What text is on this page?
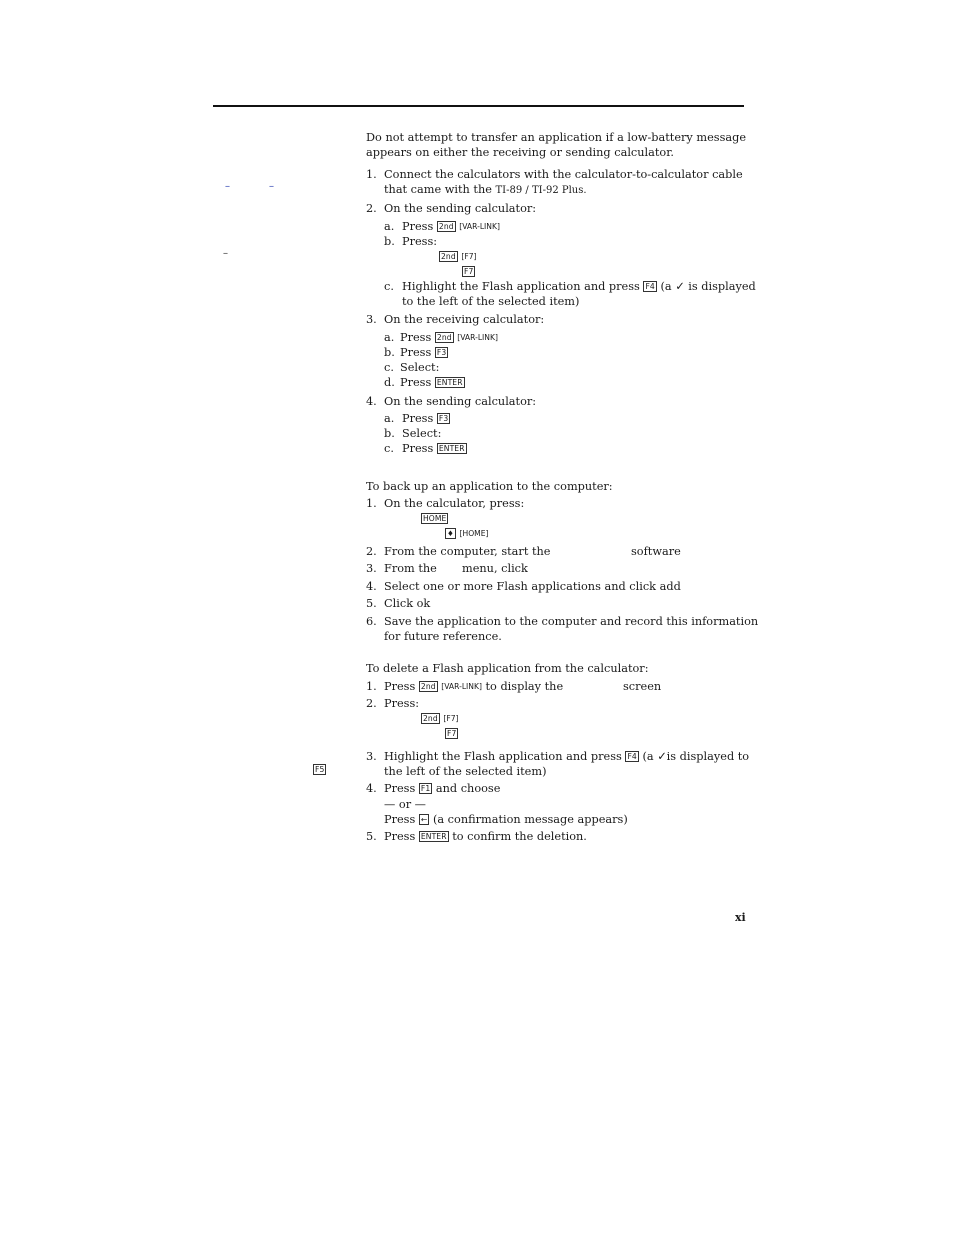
–	–
–
F5
Do not attempt to transfer an application if a low-battery message
appears on either the receiving or sending calculator.
1. Connect the calculators with the calculator-to-calculator cable
that came with the TI-89 / TI-92 Plus.
2. On the sending calculator:
a. Press 2nd [VAR-LINK]
b. Press:
2nd [F7]
F7
c. Highlight the Flash application and press F4 (a ✓ is displayed
to the left of the selected item)
3. On the receiving calculator:
a. Press 2nd [VAR-LINK]
b. Press F3
c. Select:
d. Press ENTER
4. On the sending calculator:
a. Press F3
b. Select:
c. Press ENTER
To back up an application to the computer:
1. On the calculator, press:
HOME
♦ [HOME]
2. From the computer, start the	software
3. From the menu, click
4. Select one or more Flash applications and click add
5. Click ok
6. Save the application to the computer and record this information
for future reference.
To delete a Flash application from the calculator:
1. Press 2nd [VAR-LINK] to display the	screen
2. Press:
2nd [F7]
F7
3. Highlight the Flash application and press F4 (a ✓is displayed to
the left of the selected item)
4. Press F1 and choose
— or —
Press ← (a confirmation message appears)
5. Press ENTER to confirm the deletion.
xi
